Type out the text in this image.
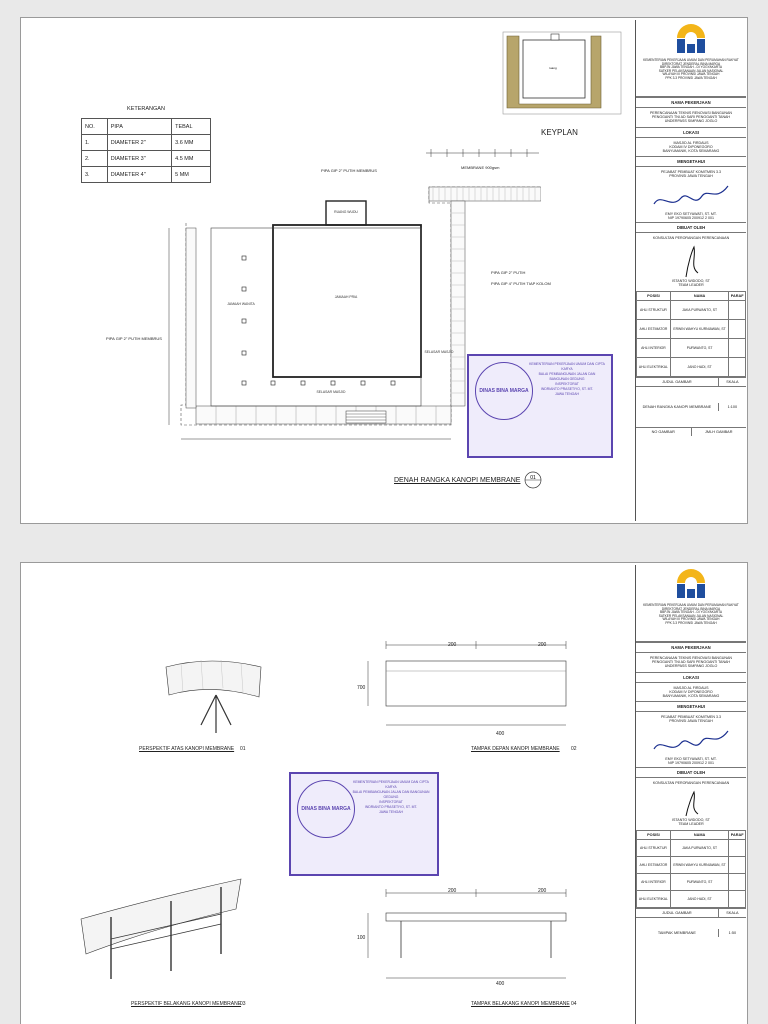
KETERANGAN
NO.	PIPA	TEBAL
1.	DIAMETER 2"	3.6 MM
2.	DIAMETER 3"	4.5 MM
3.	DIAMETER 4"	5 MM
ruang
KEYPLAN
RUANG WUDU
JAMAAH PRIA
JAMAAH WANITA
SELASAR MASJID
SELASAR MASJID
MEMBRANE 900gsm
PIPA GIP 2" PUTIH MEMBRUS
PIPA GIP 2" PUTIH
PIPA GIP 4" PUTIH TIAP KOLOM
PIPA GIP 2" PUTIH MEMBRUS
DENAH RANGKA KANOPI MEMBRANE 01
DINAS BINA MARGA
KEMENTERIAN PEKERJAAN UMUM DAN CIPTA KARYA
BALAI PEMBANGUNAN JALAN DAN BANGUNAN GEDUNG
INSPEKTORAT
INDRIANTO PRASETIYO, ST. MT.
JAWA TENGAH
KEMENTERIAN PEKERJAAN UMUM DAN PERUMAHAN RAKYAT
DIREKTORAT JENDERAL BINA MARGA
BBPJN JAWA TENGAH - DI YOGYAKARTA
SATKER PELAKSANAAN JALAN NASIONAL
WILAYAH III PROVINSI JAWA TENGAH
PPK 3.3 PROVINSI JAWA TENGAH
NAMA PEKERJAAN
PERENCANAAN TEKNIS RENOVASI BANGUNAN
PENGGANTI TNI AD SARI PENGGANTI TANAH
UNDERPASS SIMPANG JOGLO
LOKASI
MASJID AL FIRDAUS
KODAM IV DIPONEGORO
BANYUMANIK, KOTA SEMARANG
MENGETAHUI
PEJABAT PEMBUAT KOMITMEN 3.3
PROVINSI JAWA TENGAH
EMY EKO SETYAWATI, ST. MT.
NIP 19790605 200912 2 001
DIBUAT OLEH
KONSULTAN PERORANGAN PERENCANAAN
ISTANTO WIDODO, ST
TEAM LEADER
POSISI	NAMA	PARAF
AHLI STRUKTUR	JAKA PURWANTO, ST	
AHLI ESTIMATOR	ERWIN WAHYU KURNIAWAN, ST	
AHLI INTERIOR	PURWANTO, ST	
AHLI ELEKTRIKAL	JANO HADI, ST	
JUDUL GAMBAR	SKALA
DENAH RANGKA KANOPI MEMBRANE	1:100
NO GAMBAR	JMLH GAMBAR
PERSPEKTIF ATAS KANOPI MEMBRANE 01
200	200
400
700
TAMPAK DEPAN KANOPI MEMBRANE 02
DINAS BINA MARGA
KEMENTERIAN PEKERJAAN UMUM DAN CIPTA KARYA
BALAI PEMBANGUNAN JALAN DAN BANGUNAN GEDUNG
INSPEKTORAT
INDRIANTO PRASETIYO, ST. MT.
JAWA TENGAH
PERSPEKTIF BELAKANG KANOPI MEMBRANE
03
200	200
400
100
TAMPAK BELAKANG KANOPI MEMBRANE 04
KEMENTERIAN PEKERJAAN UMUM DAN PERUMAHAN RAKYAT
DIREKTORAT JENDERAL BINA MARGA
BBPJN JAWA TENGAH - DI YOGYAKARTA
SATKER PELAKSANAAN JALAN NASIONAL
WILAYAH III PROVINSI JAWA TENGAH
PPK 3.3 PROVINSI JAWA TENGAH
NAMA PEKERJAAN
PERENCANAAN TEKNIS RENOVASI BANGUNAN
PENGGANTI TNI AD SARI PENGGANTI TANAH
UNDERPASS SIMPANG JOGLO
LOKASI
MASJID AL FIRDAUS
KODAM IV DIPONEGORO
BANYUMANIK, KOTA SEMARANG
MENGETAHUI
PEJABAT PEMBUAT KOMITMEN 3.3
PROVINSI JAWA TENGAH
EMY EKO SETYAWATI, ST. MT.
NIP 19790605 200912 2 001
DIBUAT OLEH
KONSULTAN PERORANGAN PERENCANAAN
ISTANTO WIDODO, ST
TEAM LEADER
POSISI	NAMA	PARAF
AHLI STRUKTUR	JAKA PURWANTO, ST	
AHLI ESTIMATOR	ERWIN WAHYU KURNIAWAN, ST	
AHLI INTERIOR	PURWANTO, ST	
AHLI ELEKTRIKAL	JANO HADI, ST	
JUDUL GAMBAR	SKALA
TAMPAK MEMBRANE	1:50
